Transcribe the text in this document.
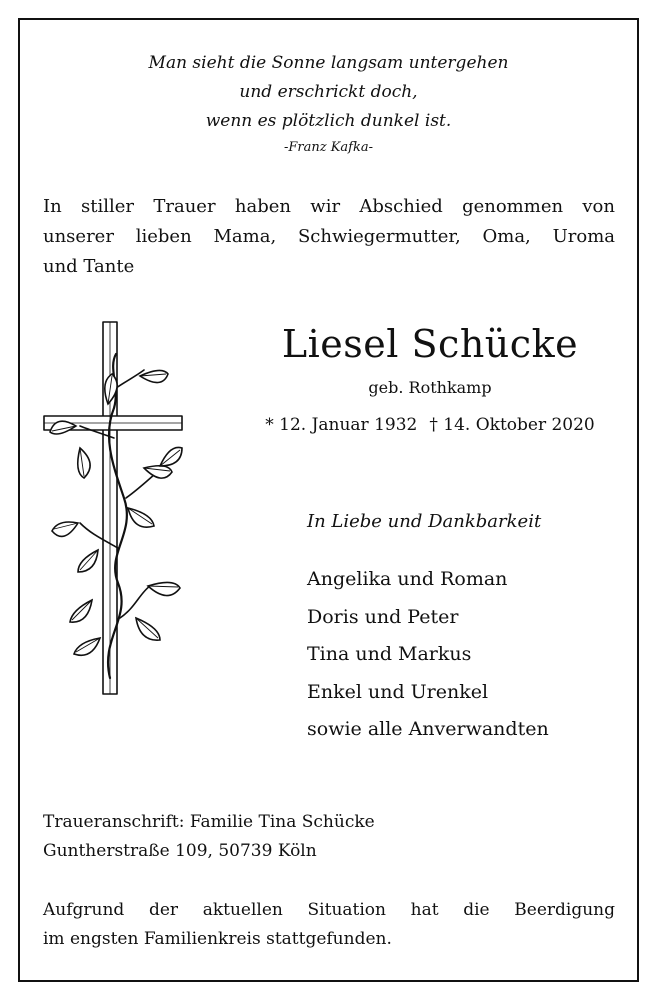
Man sieht die Sonne langsam untergehen
und erschrickt doch,
wenn es plötzlich dunkel ist.
-Franz Kafka-
In stiller Trauer haben wir Abschied genommen von
unserer lieben Mama, Schwiegermutter, Oma, Uroma
und Tante
Liesel Schücke
geb. Rothkamp
* 12. Januar 1932 † 14. Oktober 2020
In Liebe und Dankbarkeit
Angelika und Roman
Doris und Peter
Tina und Markus
Enkel und Urenkel
sowie alle Anverwandten
Traueranschrift: Familie Tina Schücke
Guntherstraße 109, 50739 Köln
Aufgrund der aktuellen Situation hat die Beerdigung
im engsten Familienkreis stattgefunden.
